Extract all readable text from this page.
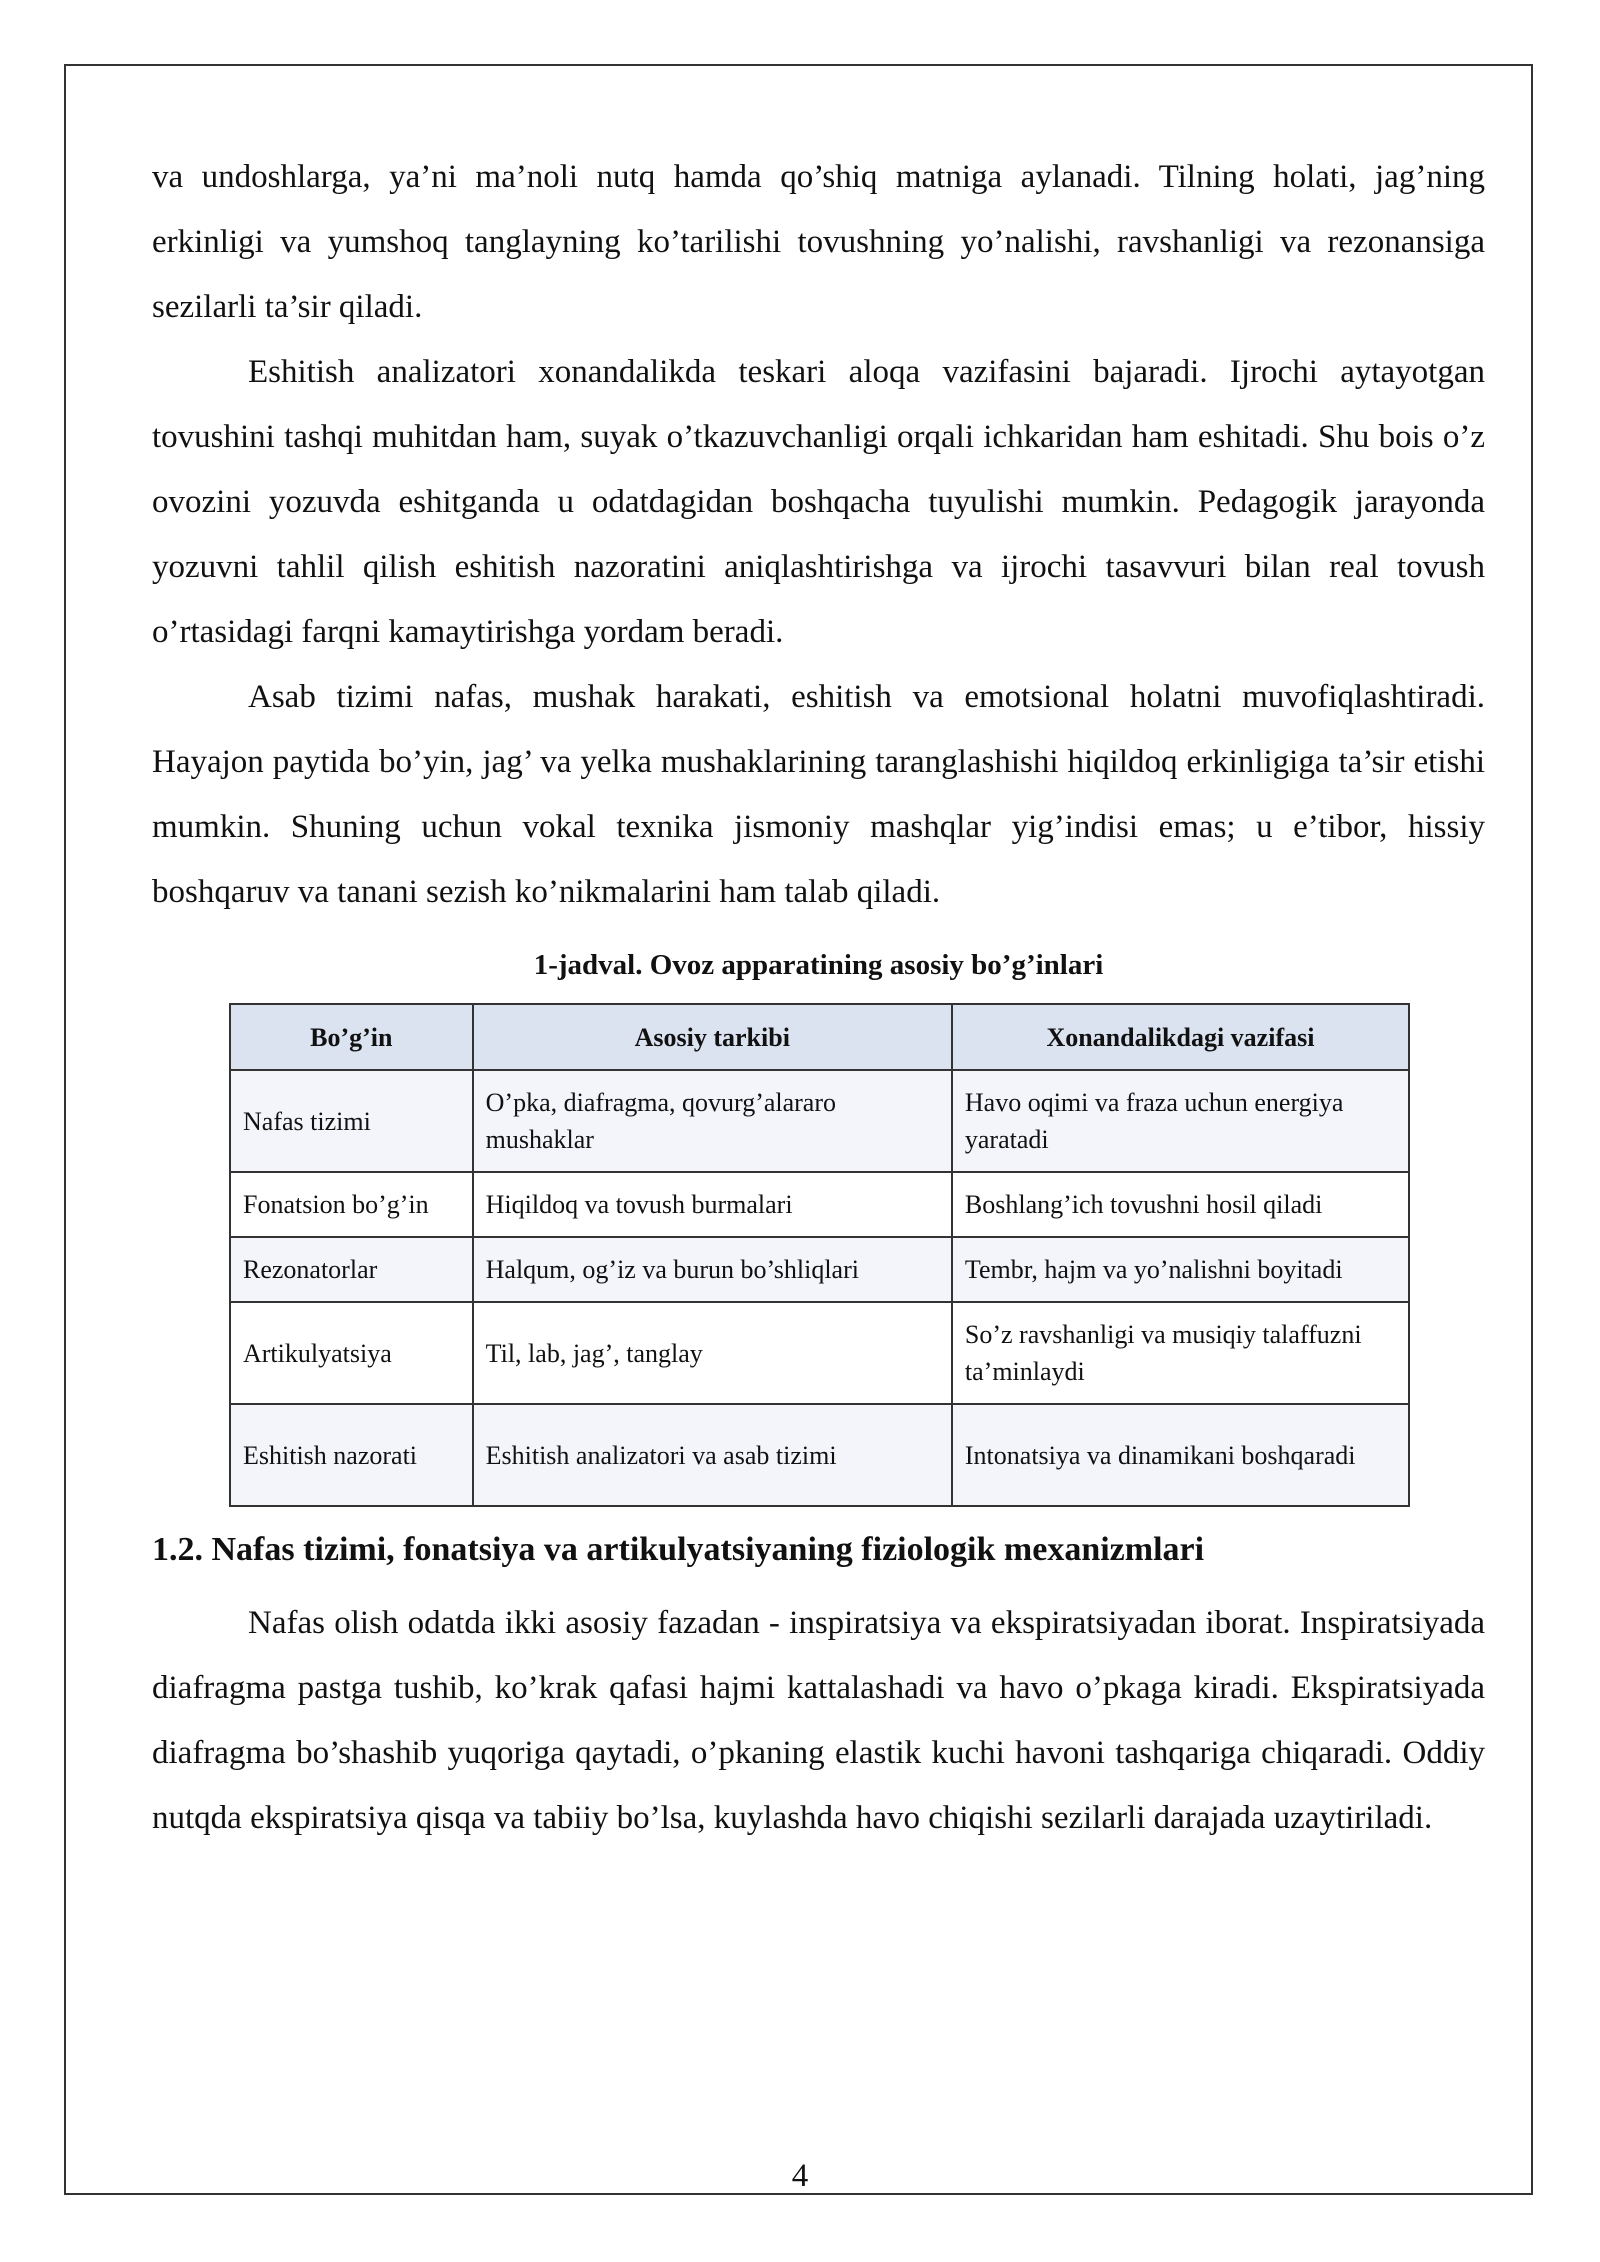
va undoshlarga, ya’ni ma’noli nutq hamda qo’shiq matniga aylanadi. Tilning holati, jag’ning erkinligi va yumshoq tanglayning ko’tarilishi tovushning yo’nalishi, ravshanligi va rezonansiga sezilarli ta’sir qiladi.

Eshitish analizatori xonandalikda teskari aloqa vazifasini bajaradi. Ijrochi aytayotgan tovushini tashqi muhitdan ham, suyak o’tkazuvchanligi orqali ichkaridan ham eshitadi. Shu bois o’z ovozini yozuvda eshitganda u odatdagidan boshqacha tuyulishi mumkin. Pedagogik jarayonda yozuvni tahlil qilish eshitish nazoratini aniqlashtirishga va ijrochi tasavvuri bilan real tovush o’rtasidagi farqni kamaytirishga yordam beradi.

Asab tizimi nafas, mushak harakati, eshitish va emotsional holatni muvofiqlashtiradi. Hayajon paytida bo’yin, jag’ va yelka mushaklarining taranglashishi hiqildoq erkinligiga ta’sir etishi mumkin. Shuning uchun vokal texnika jismoniy mashqlar yig’indisi emas; u e’tibor, hissiy boshqaruv va tanani sezish ko’nikmalarini ham talab qiladi.

1-jadval. Ovoz apparatining asosiy bo’g’inlari
Bo’g’in	Asosiy tarkibi	Xonandalikdagi vazifasi
Nafas tizimi	O’pka, diafragma, qovurg’alararo mushaklar	Havo oqimi va fraza uchun energiya yaratadi
Fonatsion bo’g’in	Hiqildoq va tovush burmalari	Boshlang’ich tovushni hosil qiladi
Rezonatorlar	Halqum, og’iz va burun bo’shliqlari	Tembr, hajm va yo’nalishni boyitadi
Artikulyatsiya	Til, lab, jag’, tanglay	So’z ravshanligi va musiqiy talaffuzni ta’minlaydi
Eshitish nazorati	Eshitish analizatori va asab tizimi	Intonatsiya va dinamikani boshqaradi
1.2. Nafas tizimi, fonatsiya va artikulyatsiyaning fiziologik mexanizmlari

Nafas olish odatda ikki asosiy fazadan - inspiratsiya va ekspiratsiyadan iborat. Inspiratsiyada diafragma pastga tushib, ko’krak qafasi hajmi kattalashadi va havo o’pkaga kiradi. Ekspiratsiyada diafragma bo’shashib yuqoriga qaytadi, o’pkaning elastik kuchi havoni tashqariga chiqaradi. Oddiy nutqda ekspiratsiya qisqa va tabiiy bo’lsa, kuylashda havo chiqishi sezilarli darajada uzaytiriladi.

4
